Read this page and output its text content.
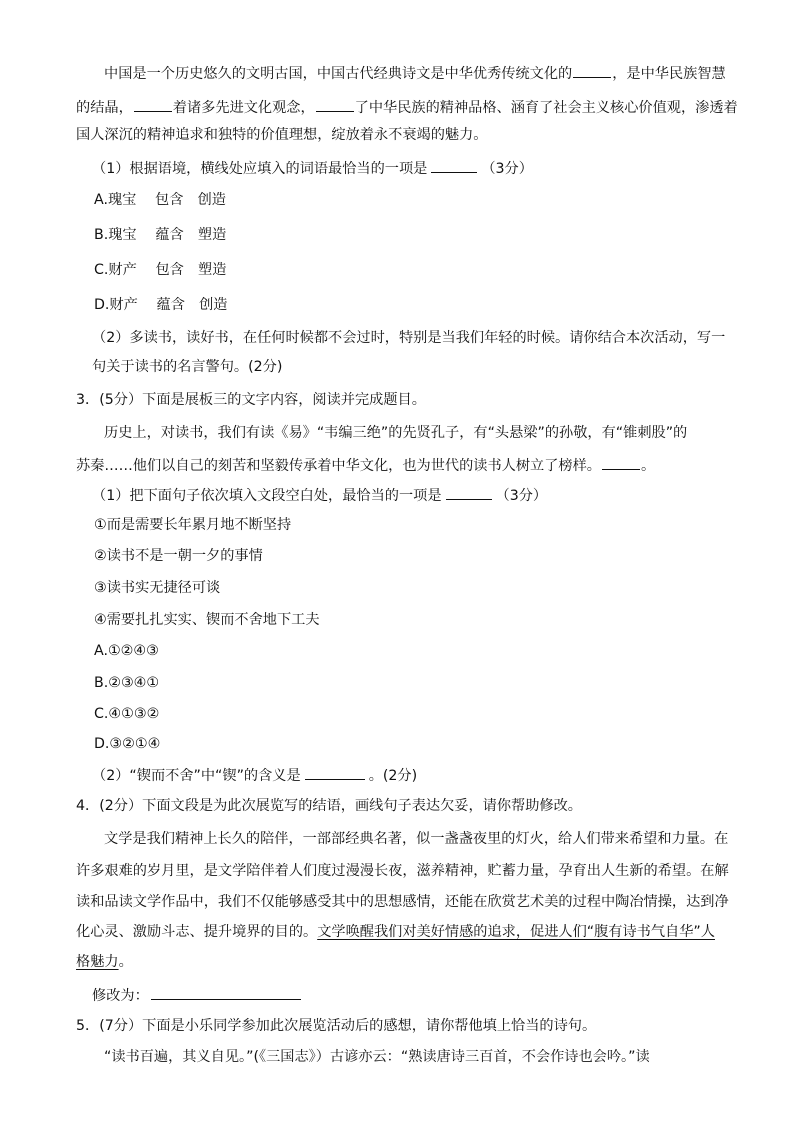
中国是一个历史悠久的文明古国，中国古代经典诗文是中华优秀传统文化的	，是中华民族智慧
的结晶，	着诸多先进文化观念，	了中华民族的精神品格、涵育了社会主义核心价值观，渗透着
国人深沉的精神追求和独特的价值理想，绽放着永不衰竭的魅力。
（1）根据语境，横线处应填入的词语最恰当的一项是	（3分）
A.瑰宝　 包含　创造
B.瑰宝　 蕴含　塑造
C.财产　 包含　塑造
D.财产　 蕴含　创造
（2）多读书，读好书，在任何时候都不会过时，特别是当我们年轻的时候。请你结合本次活动，写一
句关于读书的名言警句。(2分)
3．(5分）下面是展板三的文字内容，阅读并完成题目。
历史上，对读书，我们有读《易》“韦编三绝”的先贤孔子，有“头悬梁”的孙敬，有“锥刺股”的
苏秦……他们以自己的刻苦和坚毅传承着中华文化，也为世代的读书人树立了榜样。	。
（1）把下面句子依次填入文段空白处，最恰当的一项是	（3分）
①而是需要长年累月地不断坚持
②读书不是一朝一夕的事情
③读书实无捷径可谈
④需要扎扎实实、锲而不舍地下工夫
A.①②④③
B.②③④①
C.④①③②
D.③②①④
（2）“锲而不舍”中“锲”的含义是	。(2分)
4．(2分）下面文段是为此次展览写的结语，画线句子表达欠妥，请你帮助修改。
文学是我们精神上长久的陪伴，一部部经典名著，似一盏盏夜里的灯火，给人们带来希望和力量。在
许多艰难的岁月里，是文学陪伴着人们度过漫漫长夜，滋养精神，贮蓄力量，孕育出人生新的希望。在解
读和品读文学作品中，我们不仅能够感受其中的思想感情，还能在欣赏艺术美的过程中陶冶情操，达到净
化心灵、激励斗志、提升境界的目的。文学唤醒我们对美好情感的追求，促进人们“腹有诗书气自华”人
格魅力。
修改为：
5．(7分）下面是小乐同学参加此次展览活动后的感想，请你帮他填上恰当的诗句。
“读书百遍，其义自见。”(《三国志》）古谚亦云：“熟读唐诗三百首，不会作诗也会吟。”读
